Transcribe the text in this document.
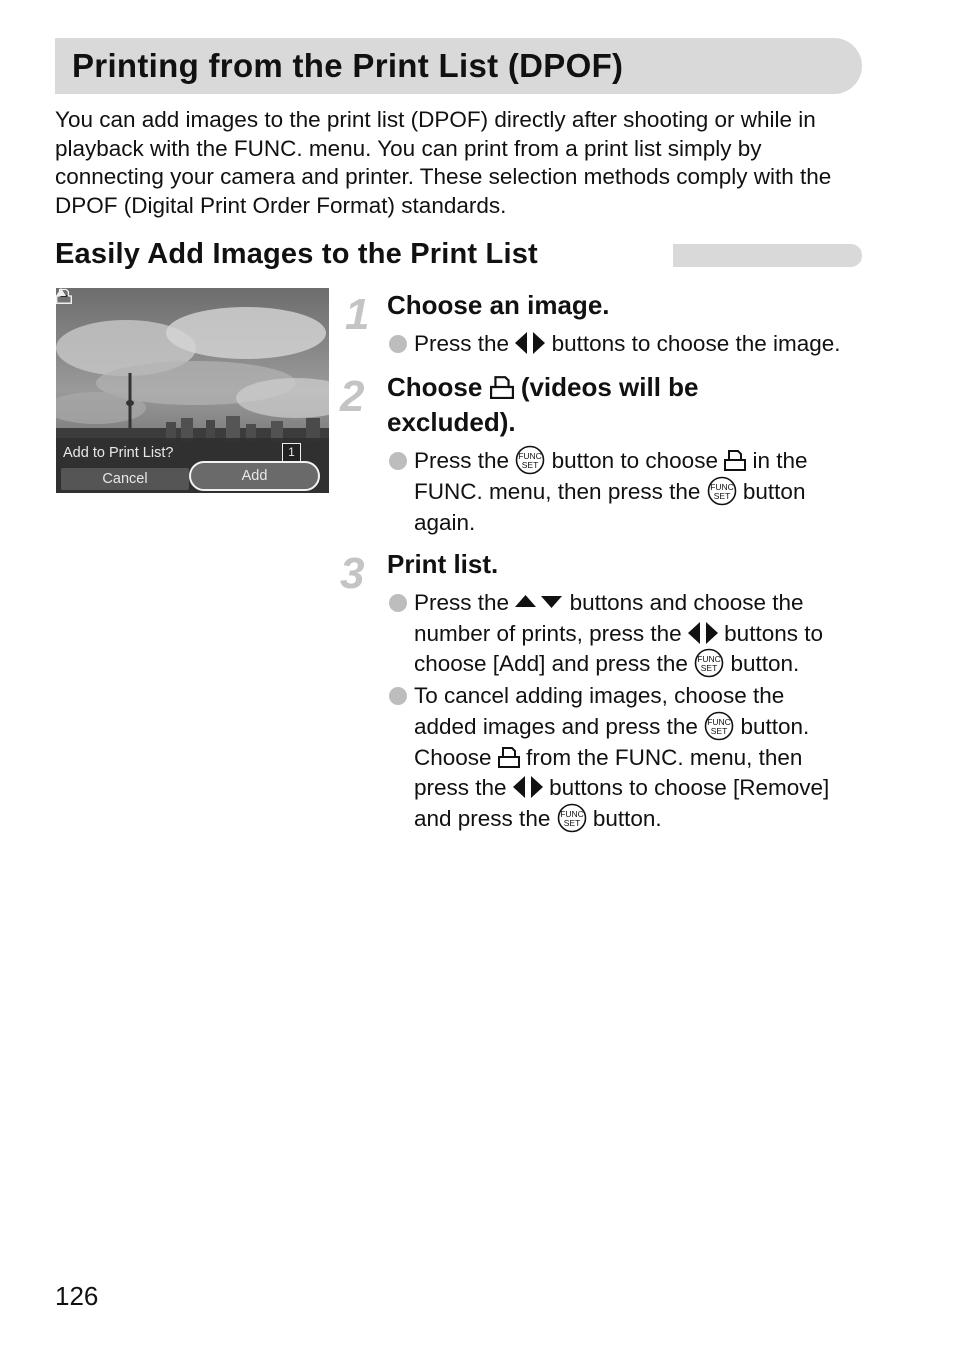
Printing from the Print List (DPOF)

You can add images to the print list (DPOF) directly after shooting or while in playback with the FUNC. menu. You can print from a print list simply by connecting your camera and printer. These selection methods comply with the DPOF (Digital Print Order Format) standards.

Easily Add Images to the Print List
Add to Print List?	1
Cancel	Add
1 Choose an image.

Press the buttons to choose the image.

2 Choose (videos will be
excluded).

Press the button to choose in the
FUNC. menu, then press the button
again.

3 Print list.

Press the	buttons and choose the
number of prints, press the buttons to
choose [Add] and press the button.

To cancel adding images, choose the
added images and press the button.
Choose from the FUNC. menu, then
press the buttons to choose [Remove]
and press the button.

126
